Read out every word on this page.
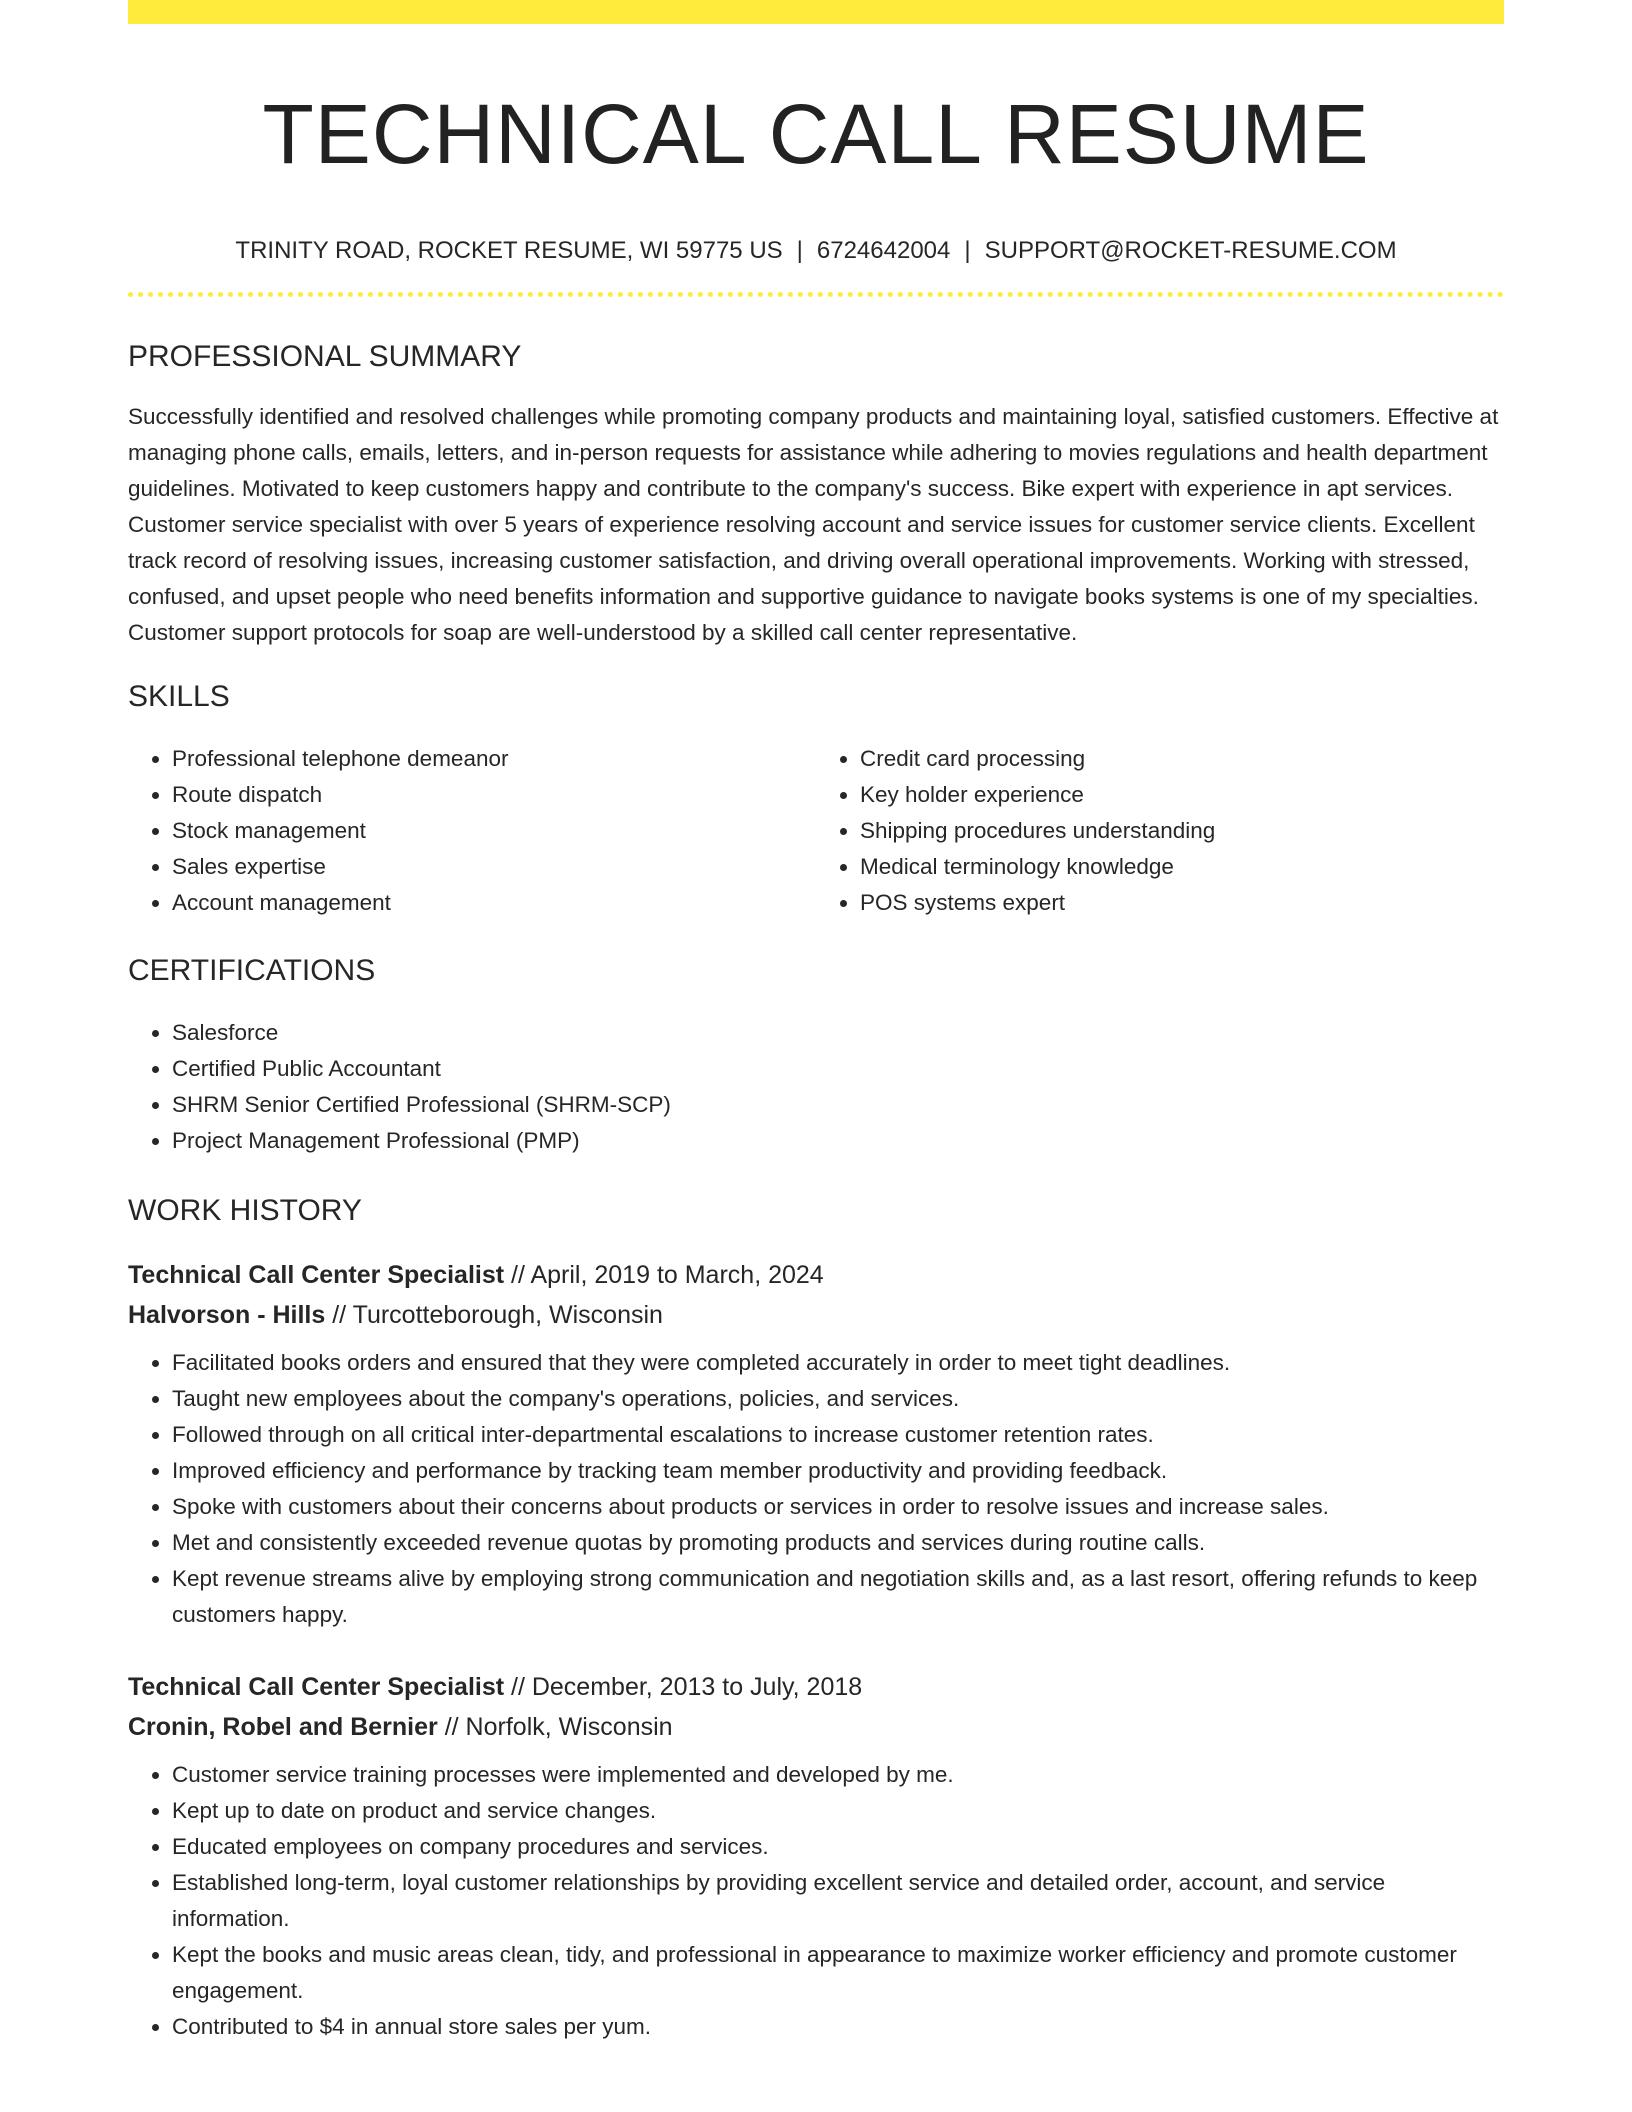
TECHNICAL CALL RESUME
TRINITY ROAD, ROCKET RESUME, WI 59775 US | 6724642004 | SUPPORT@ROCKET-RESUME.COM
PROFESSIONAL SUMMARY

Successfully identified and resolved challenges while promoting company products and maintaining loyal, satisfied customers. Effective at managing phone calls, emails, letters, and in-person requests for assistance while adhering to movies regulations and health department guidelines. Motivated to keep customers happy and contribute to the company's success. Bike expert with experience in apt services. Customer service specialist with over 5 years of experience resolving account and service issues for customer service clients. Excellent track record of resolving issues, increasing customer satisfaction, and driving overall operational improvements. Working with stressed, confused, and upset people who need benefits information and supportive guidance to navigate books systems is one of my specialties. Customer support protocols for soap are well-understood by a skilled call center representative.

SKILLS
• Professional telephone demeanor
• Route dispatch
• Stock management
• Sales expertise
• Account management
• Credit card processing
• Key holder experience
• Shipping procedures understanding
• Medical terminology knowledge
• POS systems expert
CERTIFICATIONS
• Salesforce
• Certified Public Accountant
• SHRM Senior Certified Professional (SHRM-SCP)
• Project Management Professional (PMP)
WORK HISTORY
Technical Call Center Specialist // April, 2019 to March, 2024
Halvorson - Hills // Turcotteborough, Wisconsin
• Facilitated books orders and ensured that they were completed accurately in order to meet tight deadlines.
• Taught new employees about the company's operations, policies, and services.
• Followed through on all critical inter-departmental escalations to increase customer retention rates.
• Improved efficiency and performance by tracking team member productivity and providing feedback.
• Spoke with customers about their concerns about products or services in order to resolve issues and increase sales.
• Met and consistently exceeded revenue quotas by promoting products and services during routine calls.
• Kept revenue streams alive by employing strong communication and negotiation skills and, as a last resort, offering refunds to keep customers happy.
Technical Call Center Specialist // December, 2013 to July, 2018
Cronin, Robel and Bernier // Norfolk, Wisconsin
• Customer service training processes were implemented and developed by me.
• Kept up to date on product and service changes.
• Educated employees on company procedures and services.
• Established long-term, loyal customer relationships by providing excellent service and detailed order, account, and service information.
• Kept the books and music areas clean, tidy, and professional in appearance to maximize worker efficiency and promote customer engagement.
• Contributed to $4 in annual store sales per yum.
